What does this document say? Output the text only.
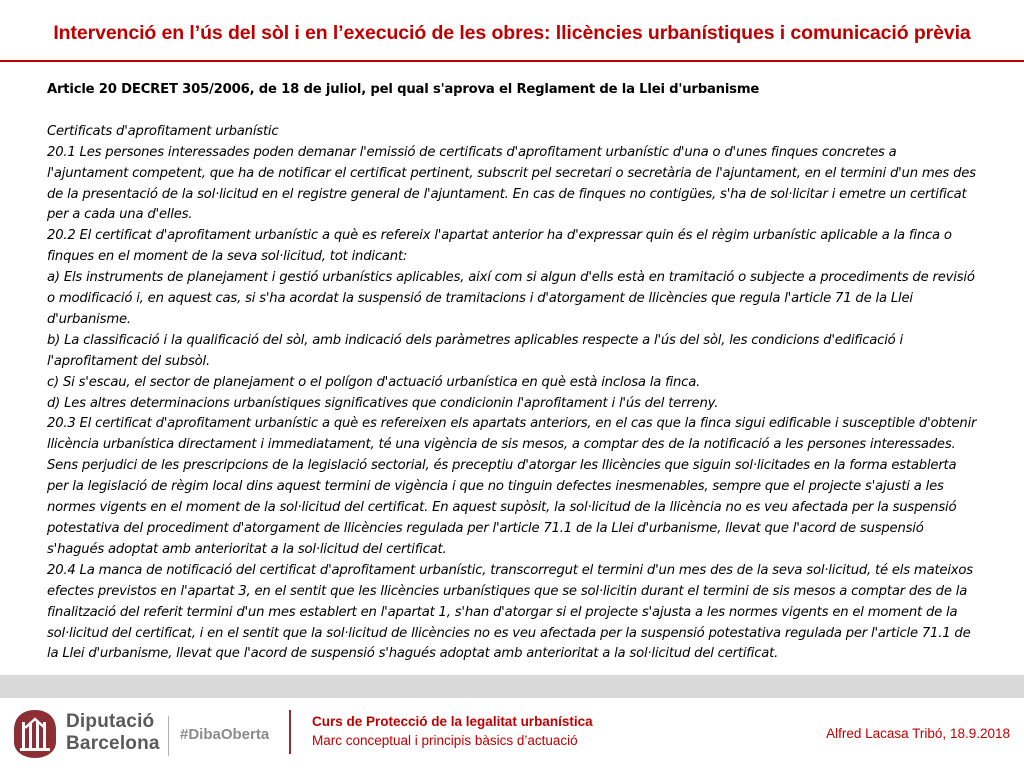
Intervenció en l’ús del sòl i en l’execució de les obres: llicències urbanístiques i comunicació prèvia
Article 20 DECRET 305/2006, de 18 de juliol, pel qual s'aprova el Reglament de la Llei d'urbanisme

Certificats d'aprofitament urbanístic

20.1 Les persones interessades poden demanar l'emissió de certificats d'aprofitament urbanístic d'una o d'unes finques concretes a l'ajuntament competent, que ha de notificar el certificat pertinent, subscrit pel secretari o secretària de l'ajuntament, en el termini d'un mes des de la presentació de la sol·licitud en el registre general de l'ajuntament. En cas de finques no contigües, s'ha de sol·licitar i emetre un certificat per a cada una d'elles.

20.2 El certificat d'aprofitament urbanístic a què es refereix l'apartat anterior ha d'expressar quin és el règim urbanístic aplicable a la finca o finques en el moment de la seva sol·licitud, tot indicant:

a) Els instruments de planejament i gestió urbanístics aplicables, així com si algun d'ells està en tramitació o subjecte a procediments de revisió o modificació i, en aquest cas, si s'ha acordat la suspensió de tramitacions i d'atorgament de llicències que regula l'article 71 de la Llei d'urbanisme.

b) La classificació i la qualificació del sòl, amb indicació dels paràmetres aplicables respecte a l'ús del sòl, les condicions d'edificació i l'aprofitament del subsòl.

c) Si s'escau, el sector de planejament o el polígon d'actuació urbanística en què està inclosa la finca.

d) Les altres determinacions urbanístiques significatives que condicionin l'aprofitament i l'ús del terreny.

20.3 El certificat d'aprofitament urbanístic a què es refereixen els apartats anteriors, en el cas que la finca sigui edificable i susceptible d'obtenir llicència urbanística directament i immediatament, té una vigència de sis mesos, a comptar des de la notificació a les persones interessades. Sens perjudici de les prescripcions de la legislació sectorial, és preceptiu d'atorgar les llicències que siguin sol·licitades en la forma establerta per la legislació de règim local dins aquest termini de vigència i que no tinguin defectes inesmenables, sempre que el projecte s'ajusti a les normes vigents en el moment de la sol·licitud del certificat. En aquest supòsit, la sol·licitud de la llicència no es veu afectada per la suspensió potestativa del procediment d'atorgament de llicències regulada per l'article 71.1 de la Llei d'urbanisme, llevat que l'acord de suspensió s'hagués adoptat amb anterioritat a la sol·licitud del certificat.

20.4 La manca de notificació del certificat d'aprofitament urbanístic, transcorregut el termini d'un mes des de la seva sol·licitud, té els mateixos efectes previstos en l'apartat 3, en el sentit que les llicències urbanístiques que se sol·licitin durant el termini de sis mesos a comptar des de la finalització del referit termini d'un mes establert en l'apartat 1, s'han d'atorgar si el projecte s'ajusta a les normes vigents en el moment de la sol·licitud del certificat, i en el sentit que la sol·licitud de llicències no es veu afectada per la suspensió potestativa regulada per l'article 71.1 de la Llei d'urbanisme, llevat que l'acord de suspensió s'hagués adoptat amb anterioritat a la sol·licitud del certificat.

Diputació
Barcelona #DibaOberta
Curs de Protecció de la legalitat urbanística
Marc conceptual i principis bàsics d’actuació	Alfred Lacasa Tribó, 18.9.2018
